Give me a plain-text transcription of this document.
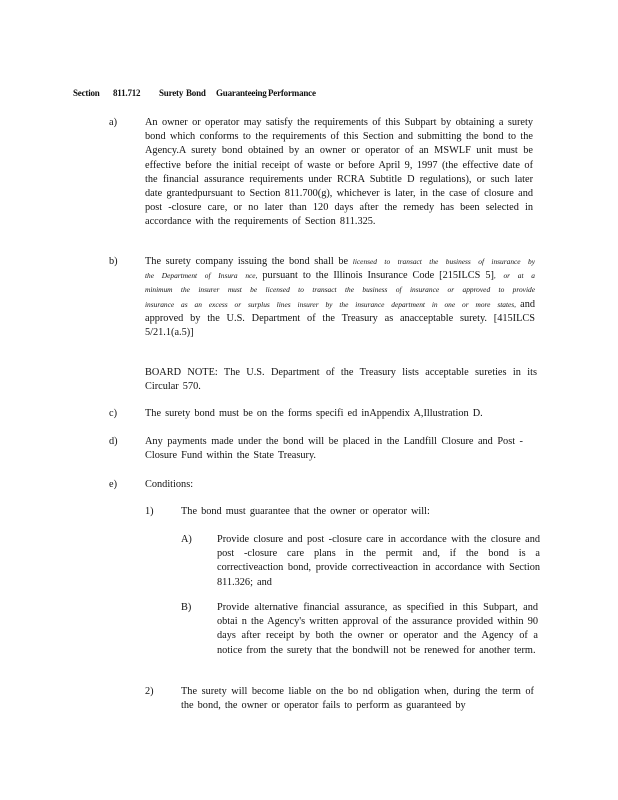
Section	811.712	Surety Bond	Guaranteeing Performance
a)	An owner or operator may satisfy the requirements of this Subpart by obtaining a surety bond which conforms to the requirements of this Section and submitting the bond to the Agency.A surety bond obtained by an owner or operator of an MSWLF unit must be effective before the initial receipt of waste or before April 9, 1997 (the effective date of the financial assurance requirements under RCRA Subtitle D regulations), or such later date grantedpursuant to Section 811.700(g), whichever is later, in the case of closure and post -closure care, or no later than 120 days after the remedy has been selected in accordance with the requirements of Section 811.325.
b)	The surety company issuing the bond shall be licensed to transact the business of insurance by the Department of Insura nce, pursuant to the Illinois Insurance Code [215ILCS 5], or at a minimum the insurer must be licensed to transact the business of insurance or approved to provide insurance as an excess or surplus lines insurer by the insurance department in one or more states, and approved by the U.S. Department of the Treasury as anacceptable surety. [415ILCS 5/21.1(a.5)]
BOARD NOTE: The U.S. Department of the Treasury lists acceptable sureties in its Circular 570.
c)	The surety bond must be on the forms specifi ed inAppendix A,Illustration D.
d)	Any payments made under the bond will be placed in the Landfill Closure and Post -Closure Fund within the State Treasury.
e)	Conditions:
1)	The bond must guarantee that the owner or operator will:
A) Provide closure and post -closure care in accordance with the closure and post -closure care plans in the permit and, if the bond is a correctiveaction bond, provide correctiveaction in accordance with Section 811.326; and
B) Provide alternative financial assurance, as specified in this Subpart, and obtai n the Agency's written approval of the assurance provided within 90 days after receipt by both the owner or operator and the Agency of a notice from the surety that the bondwill not be renewed for another term.
2)	The surety will become liable on the bo nd obligation when, during the term of the bond, the owner or operator fails to perform as guaranteed by
